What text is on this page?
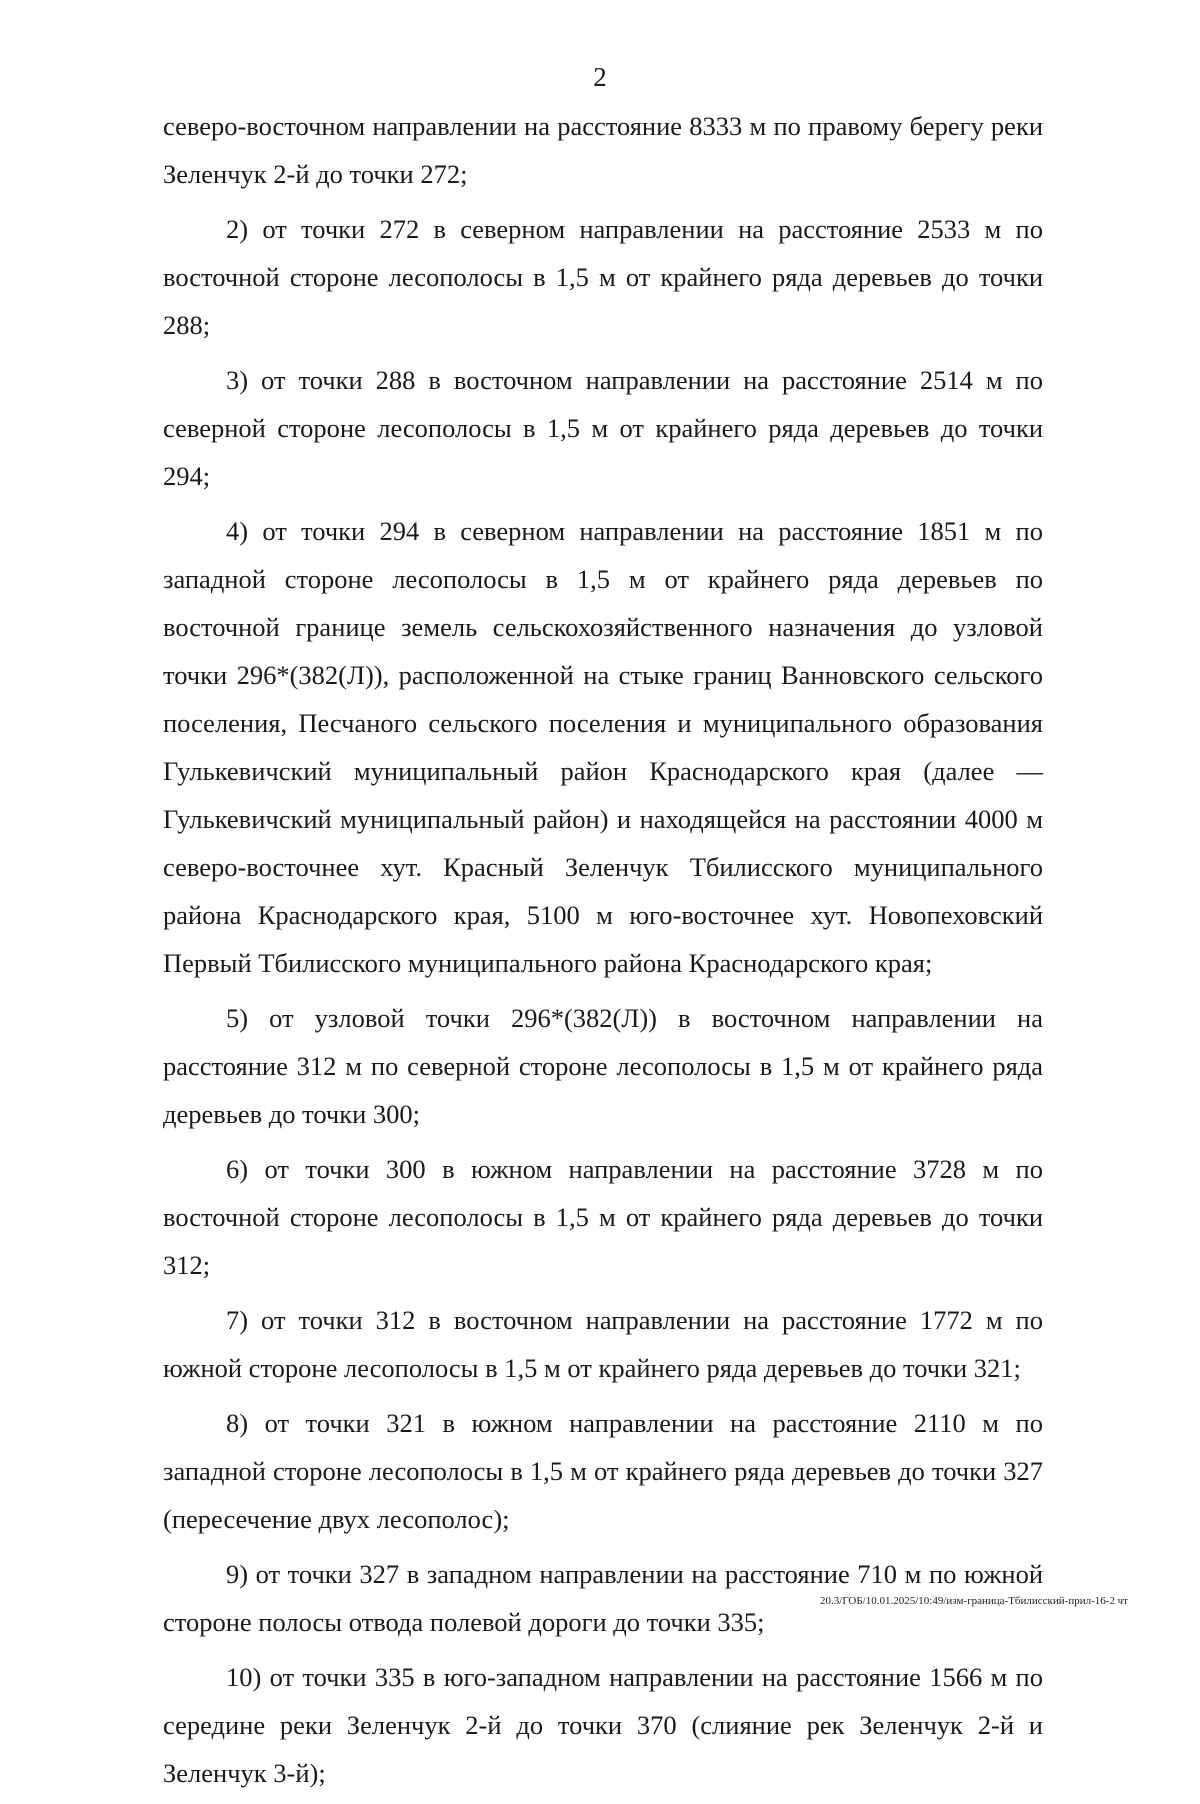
2

северо-восточном направлении на расстояние 8333 м по правому берегу реки Зеленчук 2-й до точки 272;

2) от точки 272 в северном направлении на расстояние 2533 м по восточной стороне лесополосы в 1,5 м от крайнего ряда деревьев до точки 288;

3) от точки 288 в восточном направлении на расстояние 2514 м по северной стороне лесополосы в 1,5 м от крайнего ряда деревьев до точки 294;

4) от точки 294 в северном направлении на расстояние 1851 м по западной стороне лесополосы в 1,5 м от крайнего ряда деревьев по восточной границе земель сельскохозяйственного назначения до узловой точки 296*(382(Л)), расположенной на стыке границ Ванновского сельского поселения, Песчаного сельского поселения и муниципального образования Гулькевичский муниципальный район Краснодарского края (далее — Гулькевичский муниципальный район) и находящейся на расстоянии 4000 м северо-восточнее хут. Красный Зеленчук Тбилисского муниципального района Краснодарского края, 5100 м юго-восточнее хут. Новопеховский Первый Тбилисского муниципального района Краснодарского края;

5) от узловой точки 296*(382(Л)) в восточном направлении на расстояние 312 м по северной стороне лесополосы в 1,5 м от крайнего ряда деревьев до точки 300;

6) от точки 300 в южном направлении на расстояние 3728 м по восточной стороне лесополосы в 1,5 м от крайнего ряда деревьев до точки 312;

7) от точки 312 в восточном направлении на расстояние 1772 м по южной стороне лесополосы в 1,5 м от крайнего ряда деревьев до точки 321;

8) от точки 321 в южном направлении на расстояние 2110 м по западной стороне лесополосы в 1,5 м от крайнего ряда деревьев до точки 327 (пересечение двух лесополос);

9) от точки 327 в западном направлении на расстояние 710 м по южной стороне полосы отвода полевой дороги до точки 335;

10) от точки 335 в юго-западном направлении на расстояние 1566 м по середине реки Зеленчук 2-й до точки 370 (слияние рек Зеленчук 2-й и Зеленчук 3-й);

20.3/ГОБ/10.01.2025/10:49/изм-граница-Тбилисский-прил-16-2 чт
